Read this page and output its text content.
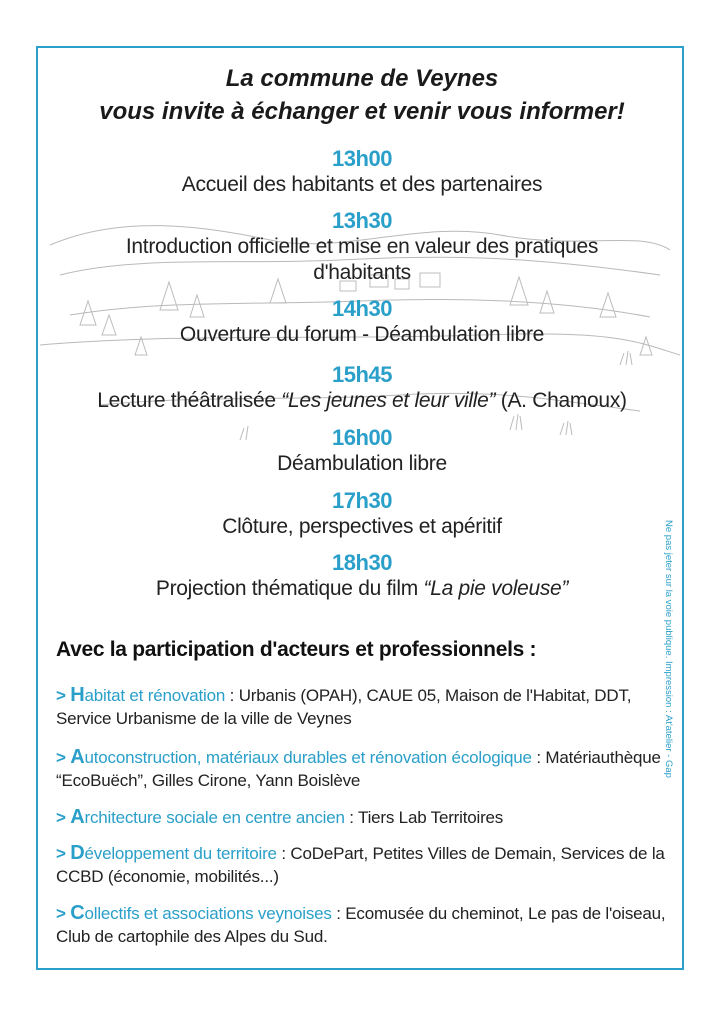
La commune de Veynes
vous invite à échanger et venir vous informer!
13h00
Accueil des habitants et des partenaires
13h30
Introduction officielle et mise en valeur des pratiques
d'habitants
14h30
Ouverture du forum - Déambulation libre
15h45
Lecture théâtralisée “Les jeunes et leur ville” (A. Chamoux)
16h00
Déambulation libre
17h30
Clôture, perspectives et apéritif
18h30
Projection thématique du film “La pie voleuse”
Avec la participation d'acteurs et professionnels :
> Habitat et rénovation : Urbanis (OPAH), CAUE 05, Maison de l'Habitat, DDT, Service Urbanisme de la ville de Veynes
> Autoconstruction, matériaux durables et rénovation écologique : Matériauthèque “EcoBuëch”, Gilles Cirone, Yann Boislève
> Architecture sociale en centre ancien : Tiers Lab Territoires
> Développement du territoire : CoDePart, Petites Villes de Demain, Services de la CCBD (économie, mobilités...)
> Collectifs et associations veynoises : Ecomusée du cheminot, Le pas de l'oiseau, Club de cartophile des Alpes du Sud.
Ne pas jeter sur la voie publique. Impression : At'atelier - Gap
